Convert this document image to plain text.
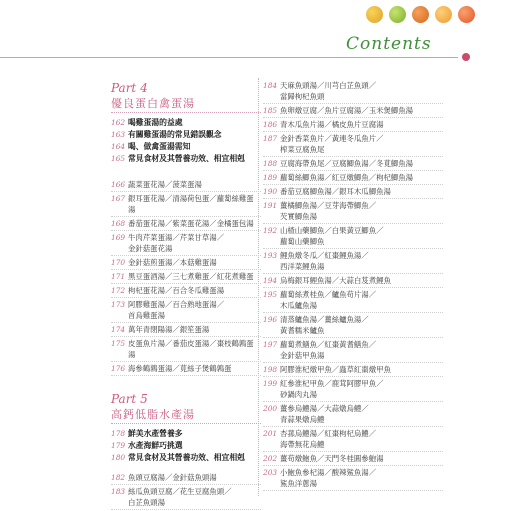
Contents
Part 4
優良蛋白禽蛋湯
162 喝雞蛋湯的益處
163 有關雞蛋湯的常見錯誤觀念
164 喝、做禽蛋湯需知
165 常見食材及其營養功效、相宜相剋
166 蔬菜蛋花湯／菠菜蛋湯
167 銀耳蛋花湯／清湯荷包蛋／蘿蔔絲雞蛋湯
168 番茄蛋花湯／紫菜蛋花湯／金橘蛋包湯
169 牛肉芹菜蛋湯／芹菜甘草湯／
金針菇蛋花湯
170 金針菇煎蛋湯／本菇雞蛋湯
171 黑豆蛋酒湯／三七煮雞蛋／紅花煮雞蛋
172 枸杞蛋花湯／百合冬瓜雞蛋湯
173 阿膠雞蛋湯／百合熟地蛋湯／
首烏雞蛋湯
174 萬年青閉陽湯／銀笙蛋湯
175 皮蛋魚片湯／番茄皮蛋湯／棗枝鶴鶉蛋湯
176 海參鶴鶉蛋湯／莧絲子煲鶴鶉蛋
Part 5
高鈣低脂水產湯
178 鮮美水產營養多
179 水產海鮮巧挑選
180 常見食材及其營養功效、相宜相剋
182 魚頭豆腐湯／金針菇魚頭湯
183 絲瓜魚頭豆腐／花生豆腐魚頭／
白芷魚頭湯
184 天麻魚頭湯／川芎白芷魚頭／
當歸枸杞魚頭
185 魚卵燉豆腐／魚片豆腐湯／玉米煲鯽魚湯
186 青木瓜魚片湯／橘皮魚片豆腐湯
187 金針香菜魚片／黃連冬瓜魚片／
榨菜豆腐魚尾
188 豆腐海帶魚尾／豆腐鯽魚湯／冬莧鯽魚湯
189 蘿蔔絲鯽魚湯／紅豆燉鯽魚／枸杞鯽魚湯
190 番茄豆腐鯽魚湯／銀耳木瓜鯽魚湯
191 薑橘鯽魚湯／豆芽海帶鯽魚／
芡實鯽魚湯
192 山楂山藥鯽魚／白果黃豆鯽魚／
蘿蔔山藥鯽魚
193 鯉魚燉冬瓜／紅棗鯉魚湯／
西洋菜鯉魚湯
194 烏梅銀耳鯉魚湯／大蒜白芨煮鯉魚
195 蘿蔔絲煮桂魚／鱸魚苟片湯／
木瓜鱸魚湯
196 清蒸鱸魚湯／薑絲鱸魚湯／
黃耆糯米鱸魚
197 蘿蔔煮鱔魚／紅棗黃耆鱔魚／
金針菇甲魚湯
198 阿膠淮杞燉甲魚／蟲草紅棗燉甲魚
199 紅參淮杞甲魚／鹿茸阿膠甲魚／
砂鍋肉丸湯
200 薑參烏鱧湯／大蒜燉烏鱧／
青蒜果燉烏鱧
201 杏蓀烏鱧湯／紅棗枸杞烏鱧／
海帶無花烏鱧
202 薑苟燉鮑魚／天門冬桂圓參鮑湯
203 小鮑魚參杞湯／酸辣鯊魚湯／
鯊魚洋蔥湯
